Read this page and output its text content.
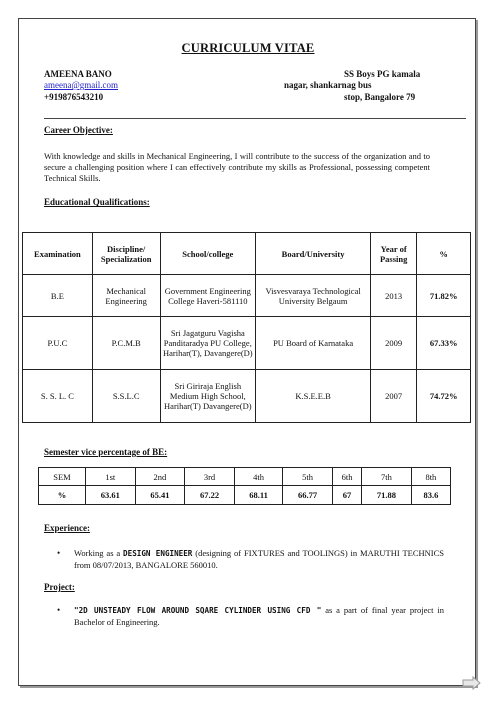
CURRICULUM VITAE
AMEENA BANO
ameena@gmail.com
+919876543210
SS Boys PG kamala
nagar, shankarnag bus
stop, Bangalore 79
Career Objective:
With knowledge and skills in Mechanical Engineering, I will contribute to the success of the organization and to secure a challenging position where I can effectively contribute my skills as Professional, possessing competent Technical Skills.
Educational Qualifications:
Examination	Discipline/ Specialization	School/college	Board/University	Year of Passing	%
B.E	Mechanical Engineering	Government Engineering College Haveri-581110	Visvesvaraya Technological University Belgaum	2013	71.82%
P.U.C	P.C.M.B	Sri Jagatguru Vagisha Panditaradya PU College, Harihar(T), Davangere(D)	PU Board of Karnataka	2009	67.33%
S. S. L. C	S.S.L.C	Sri Giriraja English Medium High School, Harihar(T) Davangere(D)	K.S.E.E.B	2007	74.72%
Semester vice percentage of BE:
SEM	1st	2nd	3rd	4th	5th	6th	7th	8th
%	63.61	65.41	67.22	68.11	66.77	67	71.88	83.6
Experience:
• Working as a DESIGN ENGINEER (designing of FIXTURES and TOOLINGS) in MARUTHI TECHNICS from 08/07/2013, BANGALORE 560010.
Project:
• "2D UNSTEADY FLOW AROUND SQARE CYLINDER USING CFD " as a part of final year project in Bachelor of Engineering.
